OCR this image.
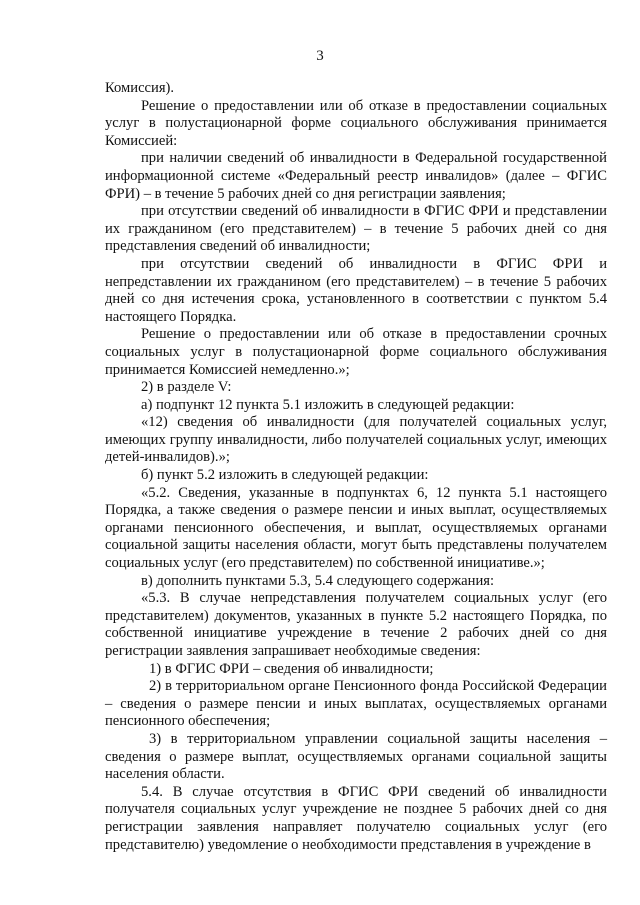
3

Комиссия).

Решение о предоставлении или об отказе в предоставлении социальных услуг в полустационарной форме социального обслуживания принимается Комиссией:

при наличии сведений об инвалидности в Федеральной государственной информационной системе «Федеральный реестр инвалидов» (далее – ФГИС ФРИ) – в течение 5 рабочих дней со дня регистрации заявления;

при отсутствии сведений об инвалидности в ФГИС ФРИ и представлении их гражданином (его представителем) – в течение 5 рабочих дней со дня представления сведений об инвалидности;

при отсутствии сведений об инвалидности в ФГИС ФРИ и непредставлении их гражданином (его представителем) – в течение 5 рабочих дней со дня истечения срока, установленного в соответствии с пунктом 5.4 настоящего Порядка.

Решение о предоставлении или об отказе в предоставлении срочных социальных услуг в полустационарной форме социального обслуживания принимается Комиссией немедленно.»;

2) в разделе V:

а) подпункт 12 пункта 5.1 изложить в следующей редакции:

«12) сведения об инвалидности (для получателей социальных услуг, имеющих группу инвалидности, либо получателей социальных услуг, имеющих детей-инвалидов).»;

б) пункт 5.2 изложить в следующей редакции:

«5.2. Сведения, указанные в подпунктах 6, 12 пункта 5.1 настоящего Порядка, а также сведения о размере пенсии и иных выплат, осуществляемых органами пенсионного обеспечения, и выплат, осуществляемых органами социальной защиты населения области, могут быть представлены получателем социальных услуг (его представителем) по собственной инициативе.»;

в) дополнить пунктами 5.3, 5.4 следующего содержания:

«5.3. В случае непредставления получателем социальных услуг (его представителем) документов, указанных в пункте 5.2 настоящего Порядка, по собственной инициативе учреждение в течение 2 рабочих дней со дня регистрации заявления запрашивает необходимые сведения:

1) в ФГИС ФРИ – сведения об инвалидности;

2) в территориальном органе Пенсионного фонда Российской Федерации – сведения о размере пенсии и иных выплатах, осуществляемых органами пенсионного обеспечения;

3) в территориальном управлении социальной защиты населения – сведения о размере выплат, осуществляемых органами социальной защиты населения области.

5.4. В случае отсутствия в ФГИС ФРИ сведений об инвалидности получателя социальных услуг учреждение не позднее 5 рабочих дней со дня регистрации заявления направляет получателю социальных услуг (его представителю) уведомление о необходимости представления в учреждение в
